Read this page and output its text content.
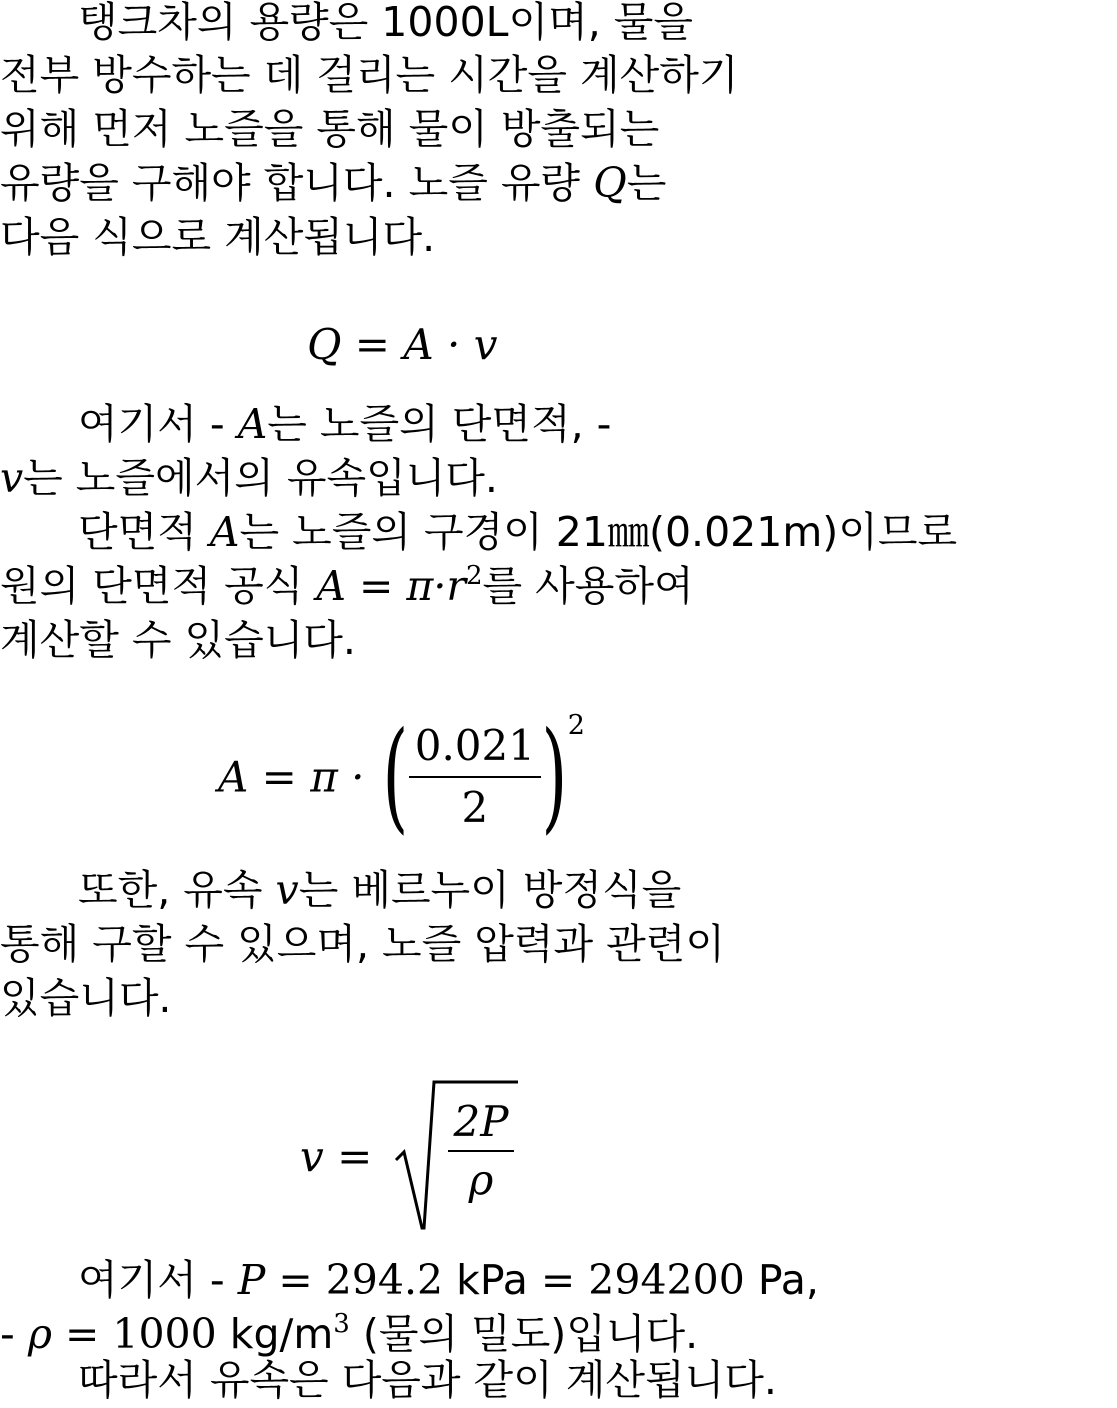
탱크차의 용량은 1000L이며, 물을
전부 방수하는 데 걸리는 시간을 계산하기
위해 먼저 노즐을 통해 물이 방출되는
유량을 구해야 합니다. 노즐 유량 Q는
다음 식으로 계산됩니다.
Q = A · v
여기서 - A는 노즐의 단면적, -
v는 노즐에서의 유속입니다.
단면적 A는 노즐의 구경이 21㎜(0.021m)이므로
원의 단면적 공식 $A = \pi\cdot r^2$를 사용하여
계산할 수 있습니다.
A = π · ( $\frac{0.021}{2} )^2$
또한, 유속 v는 베르누이 방정식을
통해 구할 수 있으며, 노즐 압력과 관련이
있습니다.
$v = \frac{2P}{\rho}$
여기서 - P = 294.2 kPa = 294200 Pa,
- ρ = 1000 $kg/m^3$ (물의 밀도)입니다.
따라서 유속은 다음과 같이 계산됩니다.
